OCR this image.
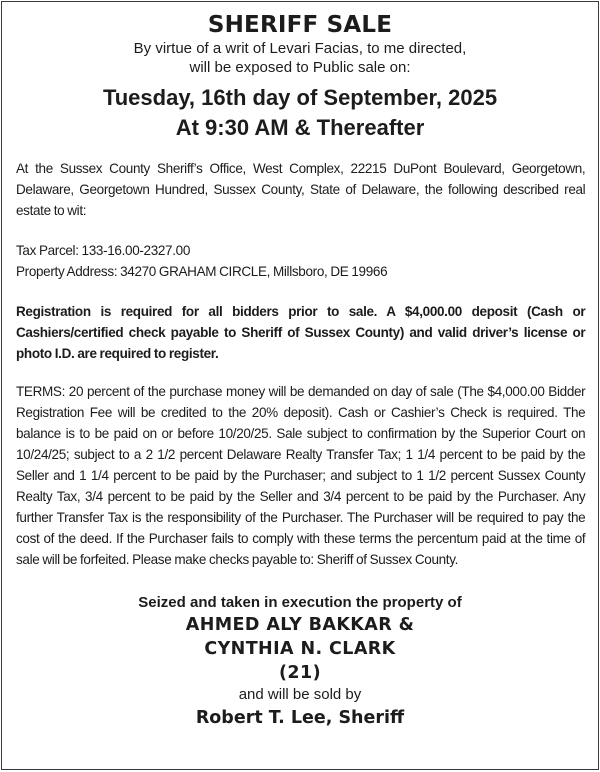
SHERIFF SALE

By virtue of a writ of Levari Facias, to me directed,
will be exposed to Public sale on:

Tuesday, 16th day of September, 2025

At 9:30 AM & Thereafter

At the Sussex County Sheriff’s Office, West Complex, 22215 DuPont Boulevard, Georgetown, Delaware, Georgetown Hundred, Sussex County, State of Delaware, the following described real estate to wit:

Tax Parcel: 133-16.00-2327.00
Property Address: 34270 GRAHAM CIRCLE, Millsboro, DE 19966

Registration is required for all bidders prior to sale. A $4,000.00 deposit (Cash or Cashiers/certified check payable to Sheriff of Sussex County) and valid driver’s license or photo I.D. are required to register.

TERMS: 20 percent of the purchase money will be demanded on day of sale (The $4,000.00 Bidder Registration Fee will be credited to the 20% deposit). Cash or Cashier’s Check is required. The balance is to be paid on or before 10/20/25. Sale subject to confirmation by the Superior Court on 10/24/25; subject to a 2 1/2 percent Delaware Realty Transfer Tax; 1 1/4 percent to be paid by the Seller and 1 1/4 percent to be paid by the Purchaser; and subject to 1 1/2 percent Sussex County Realty Tax, 3/4 percent to be paid by the Seller and 3/4 percent to be paid by the Purchaser. Any further Transfer Tax is the responsibility of the Purchaser. The Purchaser will be required to pay the cost of the deed. If the Purchaser fails to comply with these terms the percentum paid at the time of sale will be forfeited. Please make checks payable to: Sheriff of Sussex County.

Seized and taken in execution the property of
AHMED ALY BAKKAR &
CYNTHIA N. CLARK
(21)
and will be sold by
Robert T. Lee, Sheriff
